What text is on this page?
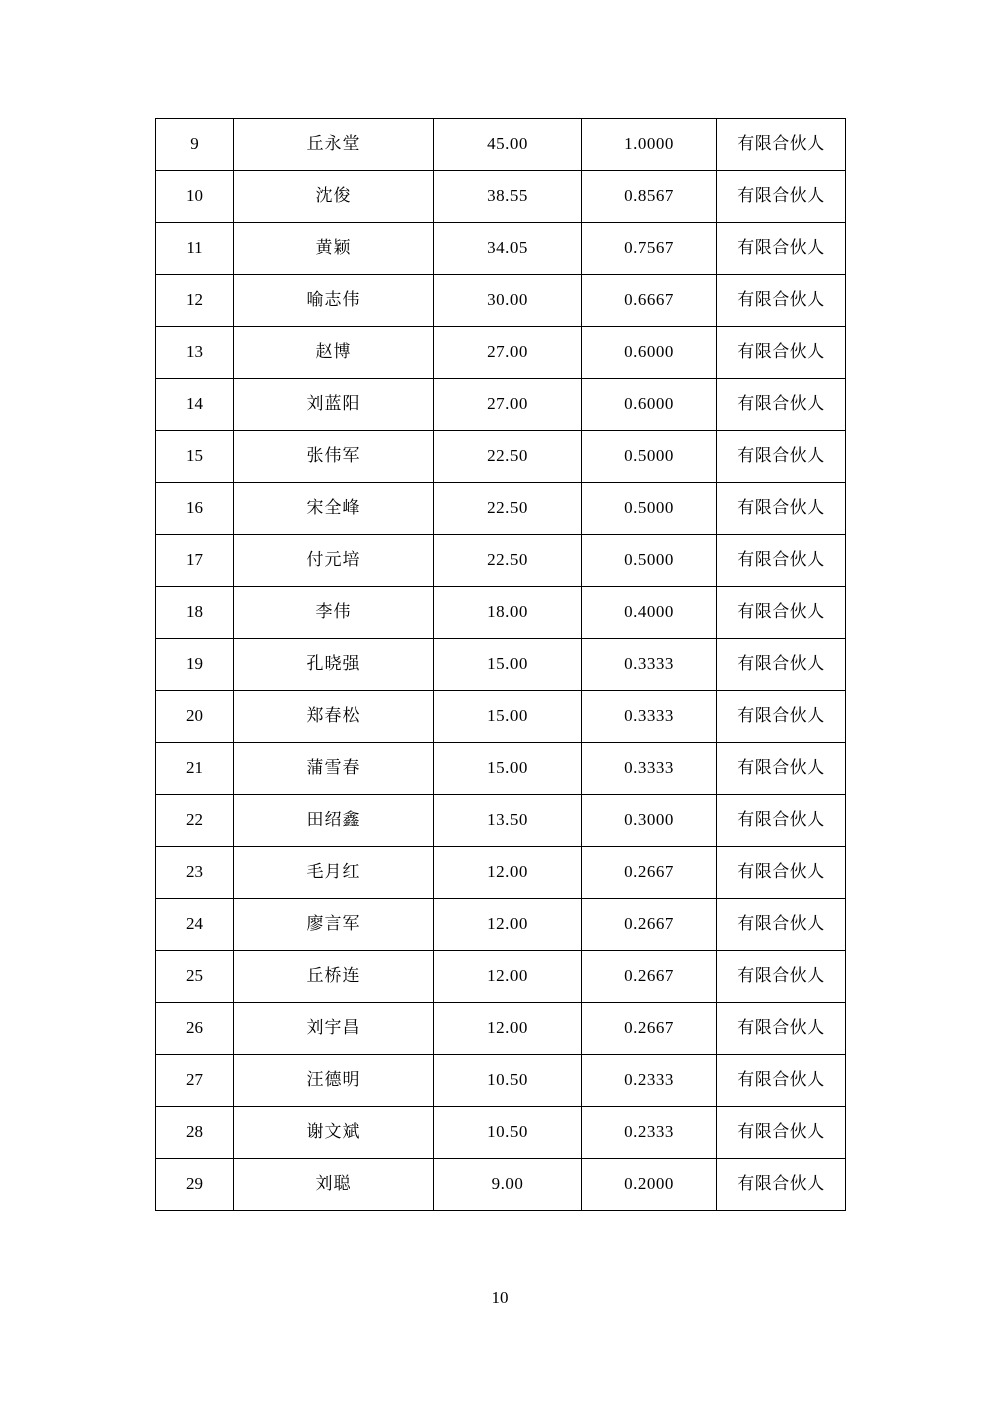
9	丘永堂	45.00	1.0000	有限合伙人
10	沈俊	38.55	0.8567	有限合伙人
11	黄颖	34.05	0.7567	有限合伙人
12	喻志伟	30.00	0.6667	有限合伙人
13	赵博	27.00	0.6000	有限合伙人
14	刘蓝阳	27.00	0.6000	有限合伙人
15	张伟军	22.50	0.5000	有限合伙人
16	宋全峰	22.50	0.5000	有限合伙人
17	付元培	22.50	0.5000	有限合伙人
18	李伟	18.00	0.4000	有限合伙人
19	孔晓强	15.00	0.3333	有限合伙人
20	郑春松	15.00	0.3333	有限合伙人
21	蒲雪春	15.00	0.3333	有限合伙人
22	田绍鑫	13.50	0.3000	有限合伙人
23	毛月红	12.00	0.2667	有限合伙人
24	廖言军	12.00	0.2667	有限合伙人
25	丘桥连	12.00	0.2667	有限合伙人
26	刘宇昌	12.00	0.2667	有限合伙人
27	汪德明	10.50	0.2333	有限合伙人
28	谢文斌	10.50	0.2333	有限合伙人
29	刘聪	9.00	0.2000	有限合伙人
10
